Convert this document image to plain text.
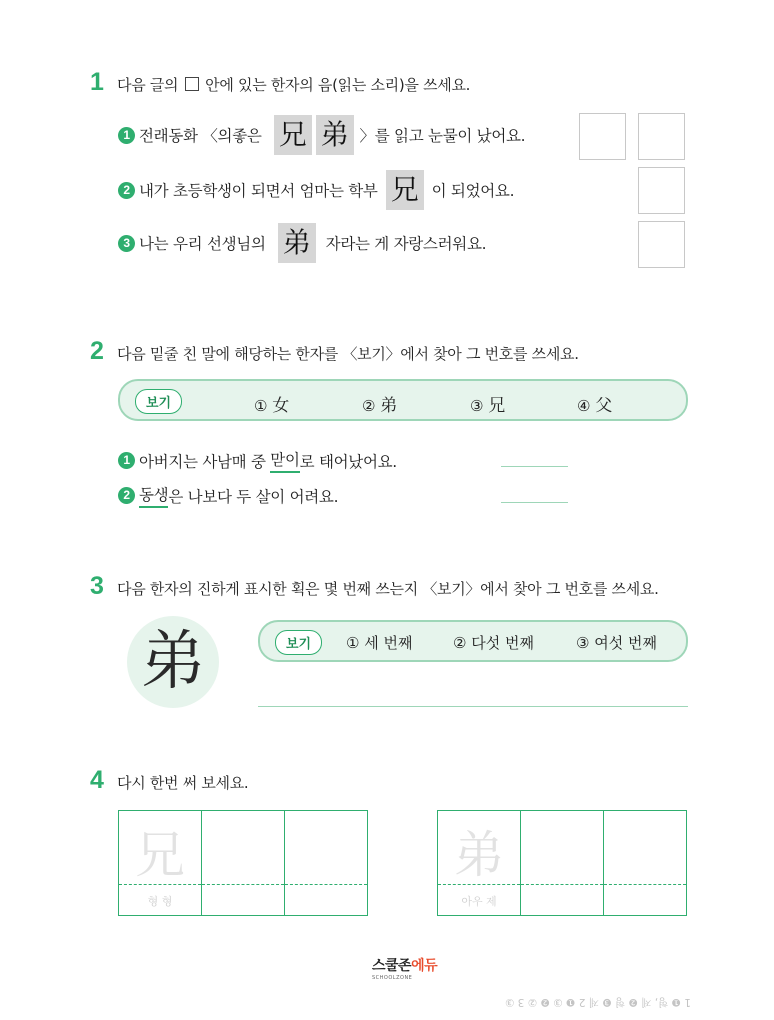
1 다음 글의 안에 있는 한자의 음(읽는 소리)을 쓰세요.
1 전래동화 〈의좋은 兄 弟 〉를 읽고 눈물이 났어요.
2 내가 초등학생이 되면서 엄마는 학부 兄 이 되었어요.
3 나는 우리 선생님의 弟 자라는 게 자랑스러워요.
2 다음 밑줄 친 말에 해당하는 한자를 〈보기〉에서 찾아 그 번호를 쓰세요.
보기	① 女	② 弟	③ 兄	④ 父
1 아버지는 사남매 중 맏이 로 태어났어요.
2 동생 은 나보다 두 살이 어려요.
3 다음 한자의 진하게 표시한 획은 몇 번째 쓰는지 〈보기〉에서 찾아 그 번호를 쓰세요.
弟	보기	① 세 번째	② 다섯 번째	③ 여섯 번째
4 다시 한번 써 보세요.
兄
형 형
弟
아우 제
스쿨존에듀
SCHOOLZONE
1 ❶ 형, 제 ❷ 형 ❸ 제 2 ❶ ③ ❷ ② 3 ③
